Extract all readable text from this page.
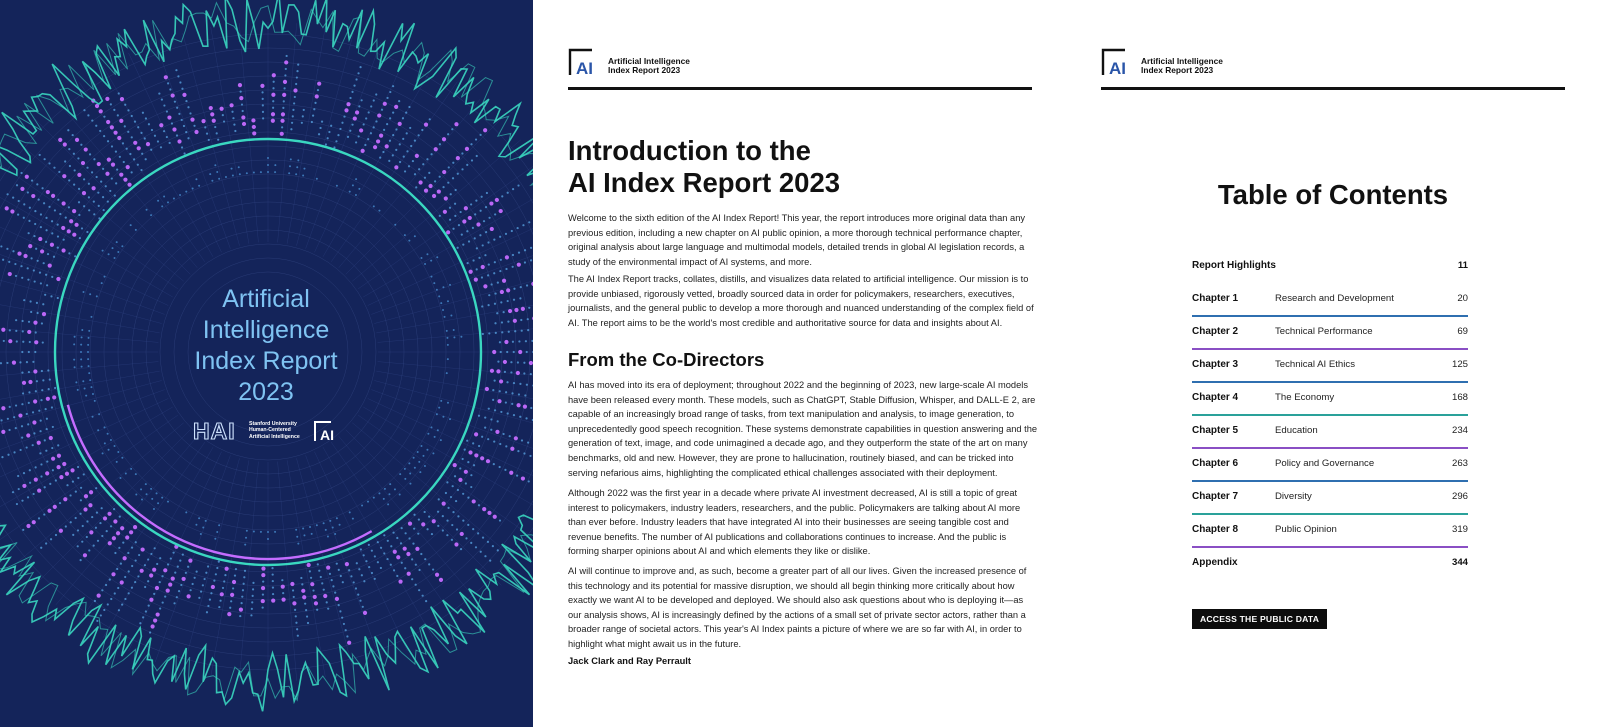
Artificial
Intelligence
Index Report
2023
HAI	Stanford University
Human-Centered
Artificial Intelligence	AI
AI Artificial Intelligence
Index Report 2023
Introduction to the
AI Index Report 2023

Welcome to the sixth edition of the AI Index Report! This year, the report introduces more original data than any previous edition, including a new chapter on AI public opinion, a more thorough technical performance chapter, original analysis about large language and multimodal models, detailed trends in global AI legislation records, a study of the environmental impact of AI systems, and more.

The AI Index Report tracks, collates, distills, and visualizes data related to artificial intelligence. Our mission is to provide unbiased, rigorously vetted, broadly sourced data in order for policymakers, researchers, executives, journalists, and the general public to develop a more thorough and nuanced understanding of the complex field of AI. The report aims to be the world's most credible and authoritative source for data and insights about AI.

From the Co-Directors

AI has moved into its era of deployment; throughout 2022 and the beginning of 2023, new large-scale AI models have been released every month. These models, such as ChatGPT, Stable Diffusion, Whisper, and DALL-E 2, are capable of an increasingly broad range of tasks, from text manipulation and analysis, to image generation, to unprecedentedly good speech recognition. These systems demonstrate capabilities in question answering and the generation of text, image, and code unimagined a decade ago, and they outperform the state of the art on many benchmarks, old and new. However, they are prone to hallucination, routinely biased, and can be tricked into serving nefarious aims, highlighting the complicated ethical challenges associated with their deployment.

Although 2022 was the first year in a decade where private AI investment decreased, AI is still a topic of great interest to policymakers, industry leaders, researchers, and the public. Policymakers are talking about AI more than ever before. Industry leaders that have integrated AI into their businesses are seeing tangible cost and revenue benefits. The number of AI publications and collaborations continues to increase. And the public is forming sharper opinions about AI and which elements they like or dislike.

AI will continue to improve and, as such, become a greater part of all our lives. Given the increased presence of this technology and its potential for massive disruption, we should all begin thinking more critically about how exactly we want AI to be developed and deployed. We should also ask questions about who is deploying it—as our analysis shows, AI is increasingly defined by the actions of a small set of private sector actors, rather than a broader range of societal actors. This year's AI Index paints a picture of where we are so far with AI, in order to highlight what might await us in the future.

Jack Clark and Ray Perrault
AI Artificial Intelligence
Index Report 2023
Table of Contents
Report Highlights	11
Chapter 1	Research and Development	20
Chapter 2	Technical Performance	69
Chapter 3	Technical AI Ethics	125
Chapter 4	The Economy	168
Chapter 5	Education	234
Chapter 6	Policy and Governance	263
Chapter 7	Diversity	296
Chapter 8	Public Opinion	319
Appendix	344
ACCESS THE PUBLIC DATA
